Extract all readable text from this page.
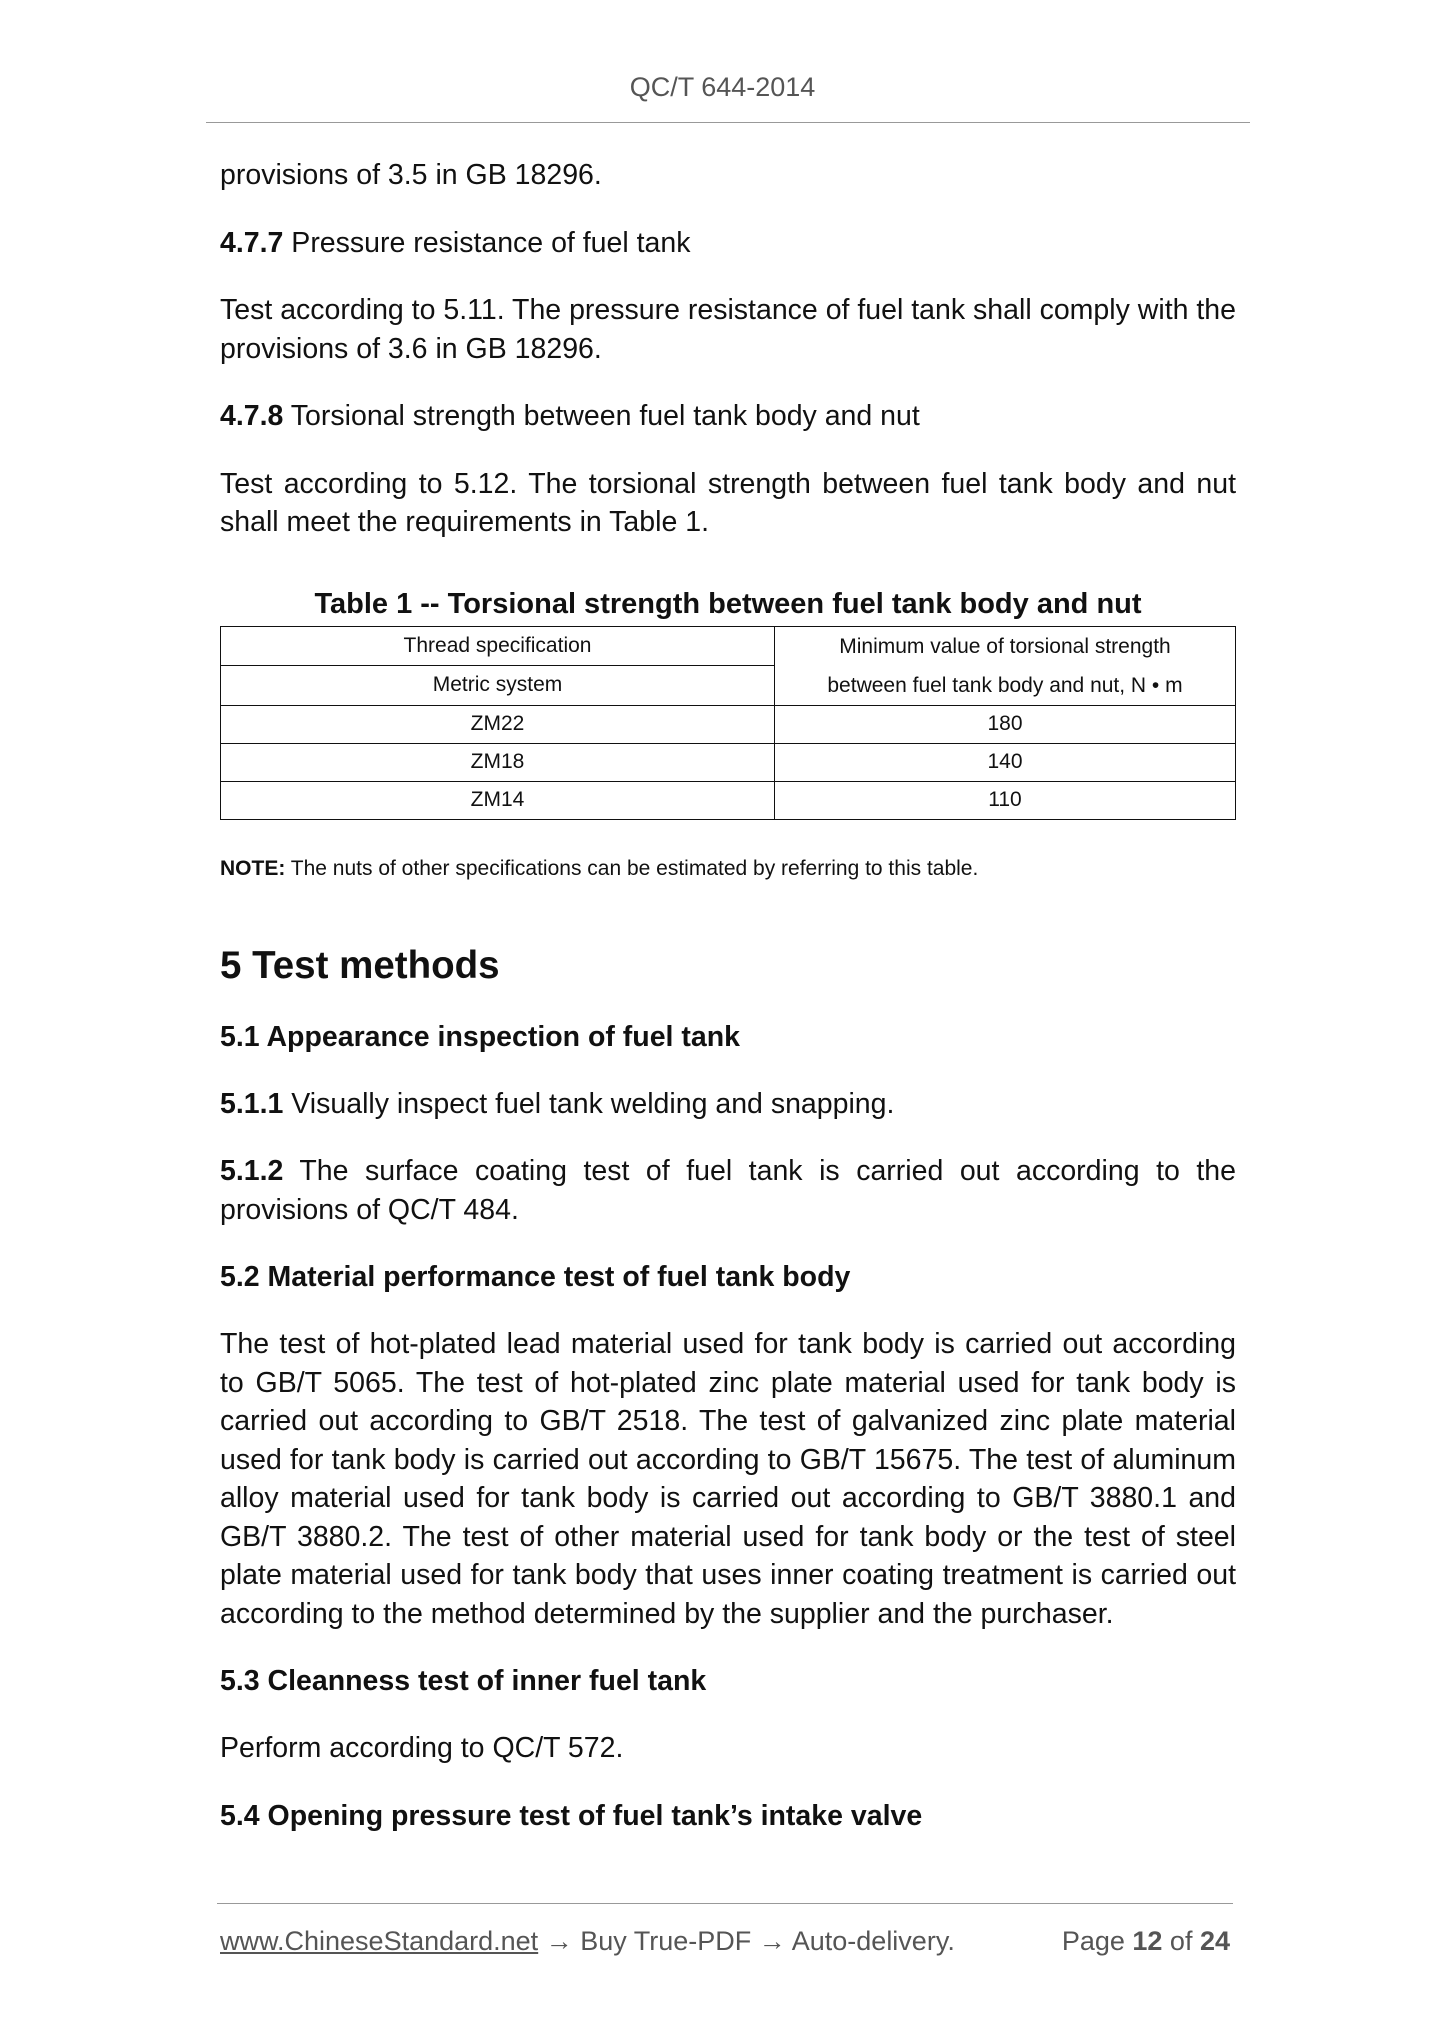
QC/T 644-2014

provisions of 3.5 in GB 18296.

4.7.7 Pressure resistance of fuel tank

Test according to 5.11. The pressure resistance of fuel tank shall comply with the provisions of 3.6 in GB 18296.

4.7.8 Torsional strength between fuel tank body and nut

Test according to 5.12. The torsional strength between fuel tank body and nut shall meet the requirements in Table 1.

Table 1 -- Torsional strength between fuel tank body and nut
Thread specification	Minimum value of torsional strength
between fuel tank body and nut, N • m
Metric system	
ZM22	180
ZM18	140
ZM14	110

NOTE: The nuts of other specifications can be estimated by referring to this table.

5 Test methods

5.1 Appearance inspection of fuel tank

5.1.1 Visually inspect fuel tank welding and snapping.

5.1.2 The surface coating test of fuel tank is carried out according to the provisions of QC/T 484.

5.2 Material performance test of fuel tank body

The test of hot-plated lead material used for tank body is carried out according to GB/T 5065. The test of hot-plated zinc plate material used for tank body is carried out according to GB/T 2518. The test of galvanized zinc plate material used for tank body is carried out according to GB/T 15675. The test of aluminum alloy material used for tank body is carried out according to GB/T 3880.1 and GB/T 3880.2. The test of other material used for tank body or the test of steel plate material used for tank body that uses inner coating treatment is carried out according to the method determined by the supplier and the purchaser.

5.3 Cleanness test of inner fuel tank

Perform according to QC/T 572.

5.4 Opening pressure test of fuel tank’s intake valve

www.ChineseStandard.net → Buy True-PDF → Auto-delivery.	Page 12 of 24
